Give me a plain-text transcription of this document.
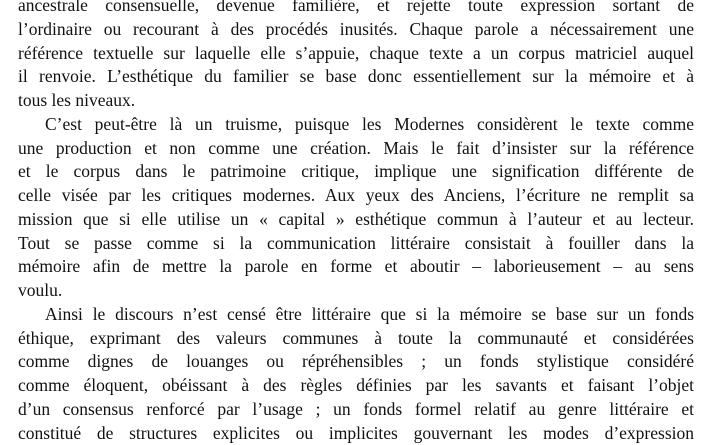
ancestrale consensuelle, devenue familière, et rejette toute expression sortant de
l’ordinaire ou recourant à des procédés inusités. Chaque parole a nécessairement une
référence textuelle sur laquelle elle s’appuie, chaque texte a un corpus matriciel auquel
il renvoie. L’esthétique du familier se base donc essentiellement sur la mémoire et à
tous les niveaux.
C’est peut-être là un truisme, puisque les Modernes considèrent le texte comme
une production et non comme une création. Mais le fait d’insister sur la référence
et le corpus dans le patrimoine critique, implique une signification différente de
celle visée par les critiques modernes. Aux yeux des Anciens, l’écriture ne remplit sa
mission que si elle utilise un « capital » esthétique commun à l’auteur et au lecteur.
Tout se passe comme si la communication littéraire consistait à fouiller dans la
mémoire afin de mettre la parole en forme et aboutir – laborieusement – au sens
voulu.
Ainsi le discours n’est censé être littéraire que si la mémoire se base sur un fonds
éthique, exprimant des valeurs communes à toute la communauté et considérées
comme dignes de louanges ou répréhensibles ; un fonds stylistique considéré
comme éloquent, obéissant à des règles définies par les savants et faisant l’objet
d’un consensus renforcé par l’usage ; un fonds formel relatif au genre littéraire et
constitué de structures explicites ou implicites gouvernant les modes d’expression
